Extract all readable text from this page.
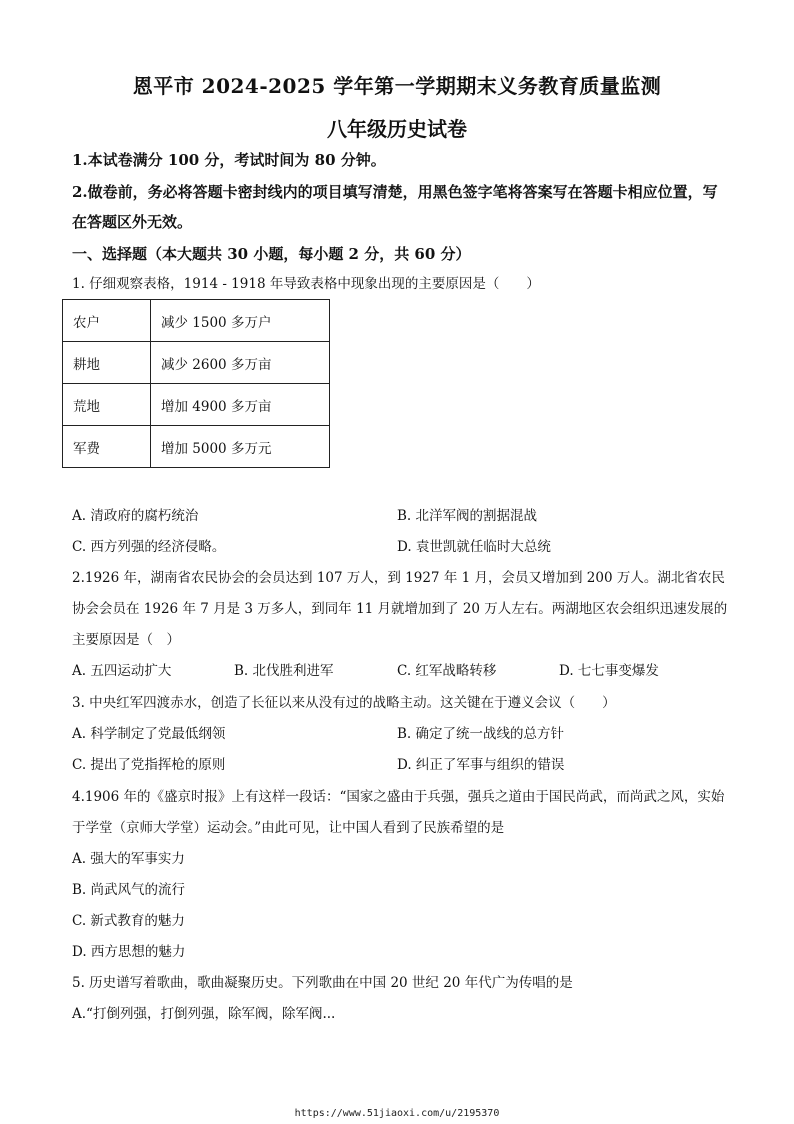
恩平市 2024-2025 学年第一学期期末义务教育质量监测
八年级历史试卷
1.本试卷满分 100 分，考试时间为 80 分钟。
2.做卷前，务必将答题卡密封线内的项目填写清楚，用黑色签字笔将答案写在答题卡相应位置，写在答题区外无效。
一、选择题（本大题共 30 小题，每小题 2 分，共 60 分）
1. 仔细观察表格，1914 - 1918 年导致表格中现象出现的主要原因是（　　）
农户	减少 1500 多万户
耕地	减少 2600 多万亩
荒地	增加 4900 多万亩
军费	增加 5000 多万元
A. 清政府的腐朽统治	B. 北洋军阀的割据混战
C. 西方列强的经济侵略。	D. 袁世凯就任临时大总统
2.1926 年，湖南省农民协会的会员达到 107 万人，到 1927 年 1 月，会员又增加到 200 万人。湖北省农民协会会员在 1926 年 7 月是 3 万多人，到同年 11 月就增加到了 20 万人左右。两湖地区农会组织迅速发展的主要原因是（　）
A. 五四运动扩大	B. 北伐胜利进军	C. 红军战略转移	D. 七七事变爆发
3. 中央红军四渡赤水，创造了长征以来从没有过的战略主动。这关键在于遵义会议（　　）
A. 科学制定了党最低纲领	B. 确定了统一战线的总方针
C. 提出了党指挥枪的原则	D. 纠正了军事与组织的错误
4.1906 年的《盛京时报》上有这样一段话：“国家之盛由于兵强，强兵之道由于国民尚武，而尚武之风，实始于学堂（京师大学堂）运动会。”由此可见，让中国人看到了民族希望的是
A. 强大的军事实力
B. 尚武风气的流行
C. 新式教育的魅力
D. 西方思想的魅力
5. 历史谱写着歌曲，歌曲凝聚历史。下列歌曲在中国 20 世纪 20 年代广为传唱的是
A.“打倒列强，打倒列强，除军阀，除军阀...
https://www.51jiaoxi.com/u/2195370
